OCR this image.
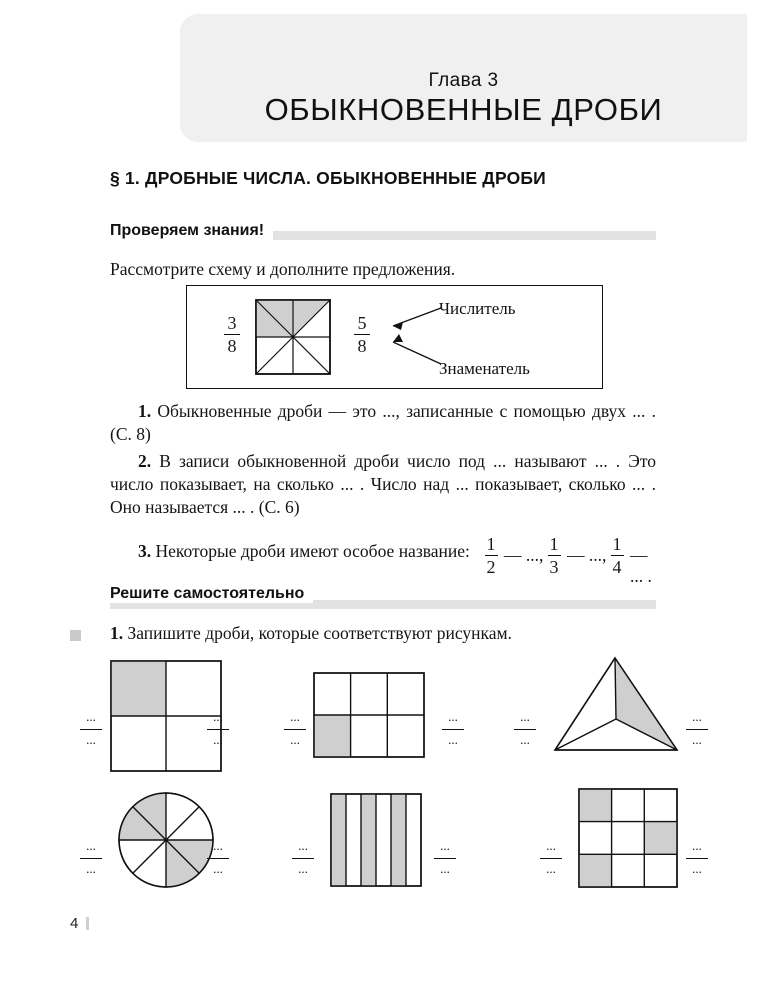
Глава 3
ОБЫКНОВЕННЫЕ ДРОБИ
§ 1. ДРОБНЫЕ ЧИСЛА. ОБЫКНОВЕННЫЕ ДРОБИ
Проверяем знания!
Рассмотрите схему и дополните предложения.
3
8
5
8
Числитель
Знаменатель
1. Обыкновенные дроби — это ..., записанные с помощью двух ... . (С. 8)
2. В записи обыкновенной дроби число под ... называют ... . Это число показывает, на сколько ... . Число над ... показывает, сколько ... . Оно называется ... . (С. 6)
3. Некоторые дроби имеют особое название: 1
2
— ...,
1
3
— ...,
1
4
— ... .
Решите самостоятельно
1. Запишите дроби, которые соответствуют рисункам.
...
...
...
...
...
...
...
...
...
...
...
...
...
...
...
...
...
...
...
...
...
...
...
...
4
